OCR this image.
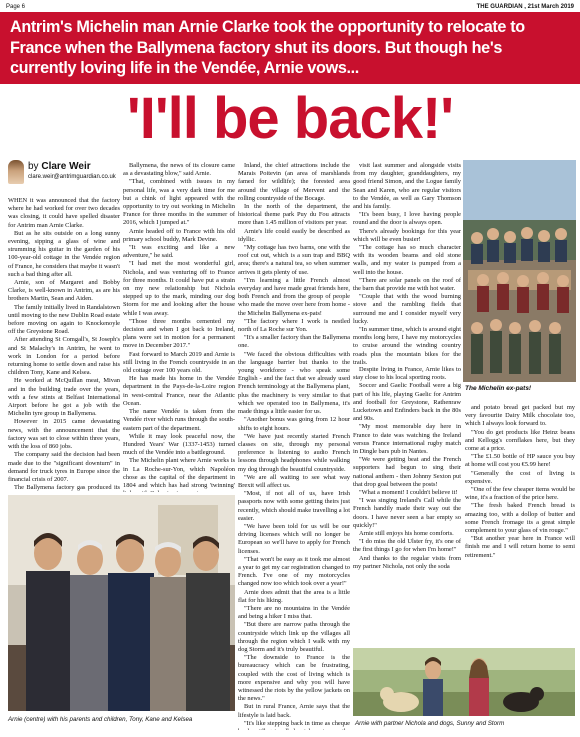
Page 6	THE GUARDIAN , 21st March 2019

Antrim's Michelin man Arnie Clarke took the opportunity to relocate to France when the Ballymena factory shut its doors. But though he's currently loving life in the Vendée, Arnie vows...

'I'll be back!'
by Clare Weir
clare.weir@antrimguardian.co.uk

WHEN it was announced that the factory where he had worked for over two decades was closing, it could have spelled disaster for Antrim man Arnie Clarke.

But as he sits outside on a long sunny evening, sipping a glass of wine and strumming his guitar in the garden of his 100-year-old cottage in the Vendée region of France, he considers that maybe it wasn't such a bad thing after all.

Arnie, son of Margaret and Bobby Clarke, is well-known in Antrim, as are his brothers Martin, Sean and Aiden.

The family initially lived in Randalstown until moving to the new Dublin Road estate before moving on again to Knockenoyle off the Greystone Road.

After attending St Comgall's, St Joseph's and St Malachy's in Antrim, he went to work in London for a period before returning home to settle down and raise his children Tony, Kane and Kelsea.

He worked at McQuillan meat, Mivan and in the building trade over the years, with a few stints at Belfast International Airport before he got a job with the Michelin tyre group in Ballymena.

However in 2015 came devastating news, with the announcement that the factory was set to close within three years, with the loss of 860 jobs.

The company said the decision had been made due to the "significant downturn" in demand for truck tyres in Europe since the financial crisis of 2007.

The Ballymena factory gas produced its

Ballymena, the news of its closure came as a devastating blow," said Arnie.

"That, combined with issues in my personal life, was a very dark time for me but a chink of light appeared with the opportunity to try out working in Michelin France for three months in the summer of 2016, which I jumped at."

Arnie headed off to France with his old primary school buddy, Mark Devine.

"It was exciting and like a new adventure," he said.

"I had met the most wonderful girl, Nichola, and was venturing off to France for three months. It could have put a strain on my new relationship but Nichola stepped up to the mark, minding our dog Storm for me and looking after the house while I was away.

"Those three months cemented my decision and when I got back to Ireland, plans were set in motion for a permanent move in December 2017."

Fast forward to March 2019 and Arnie is still living in the French countryside in an old cottage over 100 years old.

He has made his home in the Vendée department in the Pays-de-la-Loire region in west-central France, near the Atlantic Ocean.

The name Vendée is taken from the Vendée river which runs through the south-eastern part of the department.

While it may look peaceful now, the Hundred Years' War (1337-1453) turned much of the Vendée into a battleground.

The Michelin plant where Arnie works is in La Roche-sur-Yon, which Napoléon chose as the capital of the department in 1804 and which has had strong 'twinning'

Inland, the chief attractions include the Marais Poitevin (an area of marshlands famed for wildlife); the forested area around the village of Mervent and the rolling countryside of the Bocage.

In the north of the department, the historical theme park Puy du Fou attracts more than 1.45 million of visitors per year.

Arnie's life could easily be described as idyllic.

"My cottage has two barns, one with the roof cut out, which is a sun trap and BBQ area; there's a natural tea, so when summer arrives it gets plenty of use.

"I'm learning a little French almost everyday and have made great friends here, both French and from the group of people who made the move over here from home - the Michelin Ballymena ex-pats!

"The factory where I work is nestled north of La Roche sur Yon.

"It's a smaller factory than the Ballymena one.

"We faced the obvious difficulties with the language barrier but thanks to the young workforce - who speak some English - and the fact that we already used French terminology at the Ballymena plant, plus the machinery is very similar to that which we operated too in Ballymena, it's made things a little easier for us.

"Another bonus was going from 12 hour shifts to eight hours.

"We have just recently started French classes on site, through my personal preference is listening to audio French lessons through headphones while walking my dog through the beautiful countryside.

"We are all waiting to see what way Brexit will affect us.

"Most, if not all of us, have Irish passports now with some getting theirs just recently, which should make travelling a lot easier.

"We have been told for us will be our driving licenses which will no longer be European so we'll have to apply for French licenses.

"That won't be easy as it took me almost a year to get my car registration changed to French. I've one of my motorcycles changed now too which took over a year!"

Arnie does admit that the area is a little flat for his liking.

"There are no mountains in the Vendée and being a hiker I miss that.

"But there are narrow paths through the countryside which link up the villages all through the region which I walk with my dog Storm and it's truly beautiful.

"The downside to France is the bureaucracy which can be frustrating, coupled with the cost of living which is more expensive and why you will have witnessed the riots by the yellow jackets on the news."

But in rural France, Arnie says that the lifestyle is laid back.

"It's like stepping back in time as cheque

visit last summer and alongside visits from my daughter, granddaughters, my good friend Simon, and the Logue family Sean and Karen, who are regular visitors to the Vendée, as well as Gary Thomson and his family.

"It's been busy, I love having people round and the door is always open.

There's already bookings for this year which will be even busier!

"The cottage has so much character with its wooden beams and old stone walls, and my water is pumped from a well into the house.

"There are solar panels on the roof of the barn that provide me with hot water.

"Couple that with the wood burning stove and the rambling fields that surround me and I consider myself very lucky.

"In summer time, which is around eight months long here, I have my motorcycles to cruise around the winding country roads plus the mountain bikes for the trails.

Despite living in France, Arnie likes to stay close to his local sporting roots.

Soccer and Gaelic Football were a big part of his life, playing Gaelic for Antrim and football for Greystone, Rathenraw Lucketown and Enfinders back in the 80s and 90s.

"My most memorable day here in France to date was watching the Ireland versus France international rugby match in Dingle bars pub in Nantes.

"We were getting beat and the French supporters had begun to sing their national anthem - then Johnny Sexton put that drop goal between the posts!

"What a moment! I couldn't believe it!

"I was singing Ireland's Call while the French handily made their way out the doors. I have never seen a bar empty so quickly!"

Arnie still enjoys his home comforts.

"I do miss the old Ulster fry, it's one of the first things I go for when I'm home!"

And thanks to the regular visits from my partner Nichola, not only the soda

and potato bread get packed but my very favourite Dairy Milk chocolate too, which I always look forward to.

"You do get products like Heinz beans and Kellogg's cornflakes here, but they come at a price.

"The £1.50 bottle of HP sauce you buy at home will cost you €5.99 here!

"Generally the cost of living is expensive.

"One of the few cheaper items would be wine, it's a fraction of the price here.

"The fresh baked French bread is amazing too, with a dollop of butter and some French fromage its a great simple complement to your glass of vin rouge."

"But another year here in France will finish me and I will return home to semi retirement."

The Michelin ex-pats!
Arnie (centre) with his parents and children, Tony, Kane and Kelsea
Arnie with partner Nichola and dogs, Sunny and Storm
